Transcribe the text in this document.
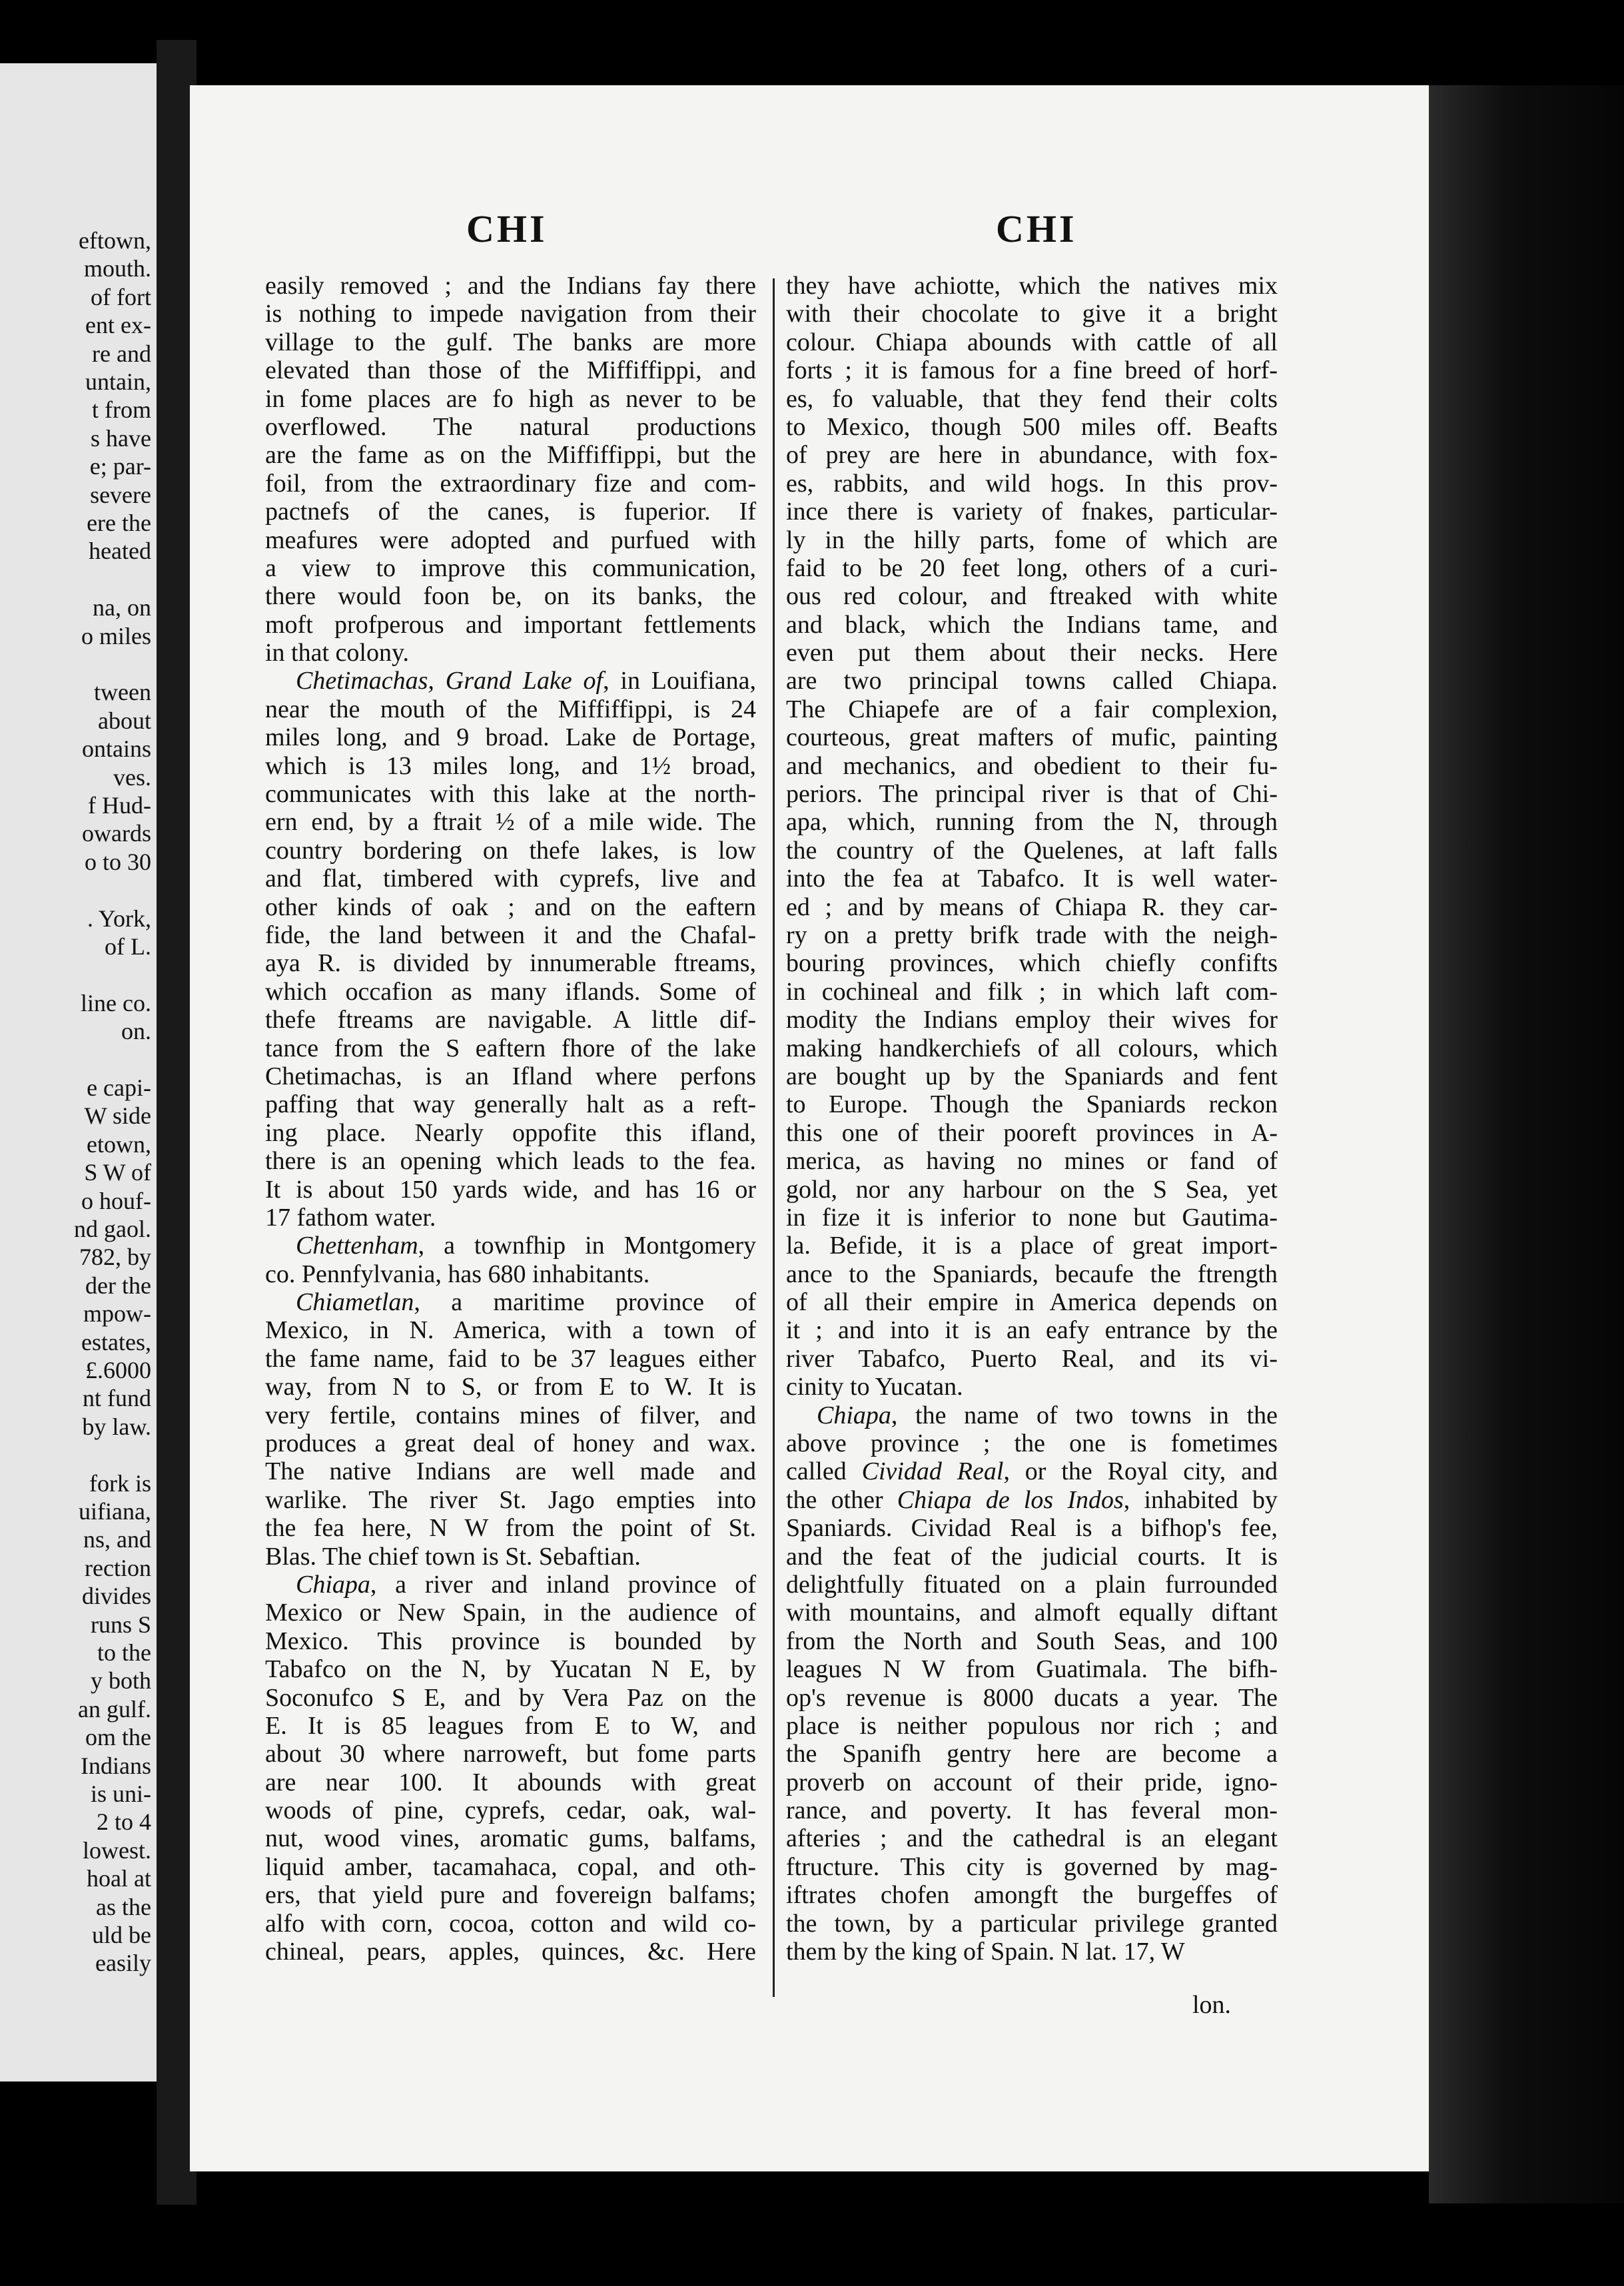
eftown,
mouth.
of fort
ent ex-
re and
untain,
t from
s have
e; par-
severe
ere the
heated
na, on
o miles
tween
about
ontains
ves.
f Hud-
owards
o to 30
. York,
of L.
line co.
on.
e capi-
W side
etown,
S W of
o houf-
nd gaol.
782, by
der the
mpow-
estates,
£.6000
nt fund
by law.
fork is
uifiana,
ns, and
rection
divides
runs S
to the
y both
an gulf.
om the
Indians
is uni-
2 to 4
lowest.
hoal at
as the
uld be
easily
CHI	CHI
easily removed ; and the Indians fay there
is nothing to impede navigation from their
village to the gulf. The banks are more
elevated than those of the Miffiffippi, and
in fome places are fo high as never to be
overflowed. The natural productions
are the fame as on the Miffiffippi, but the
foil, from the extraordinary fize and com-
pactnefs of the canes, is fuperior. If
meafures were adopted and purfued with
a view to improve this communication,
there would foon be, on its banks, the
moft profperous and important fettlements
in that colony.
Chetimachas, Grand Lake of, in Louifiana,
near the mouth of the Miffiffippi, is 24
miles long, and 9 broad. Lake de Portage,
which is 13 miles long, and 1½ broad,
communicates with this lake at the north-
ern end, by a ftrait ½ of a mile wide. The
country bordering on thefe lakes, is low
and flat, timbered with cyprefs, live and
other kinds of oak ; and on the eaftern
fide, the land between it and the Chafal-
aya R. is divided by innumerable ftreams,
which occafion as many iflands. Some of
thefe ftreams are navigable. A little dif-
tance from the S eaftern fhore of the lake
Chetimachas, is an Ifland where perfons
paffing that way generally halt as a reft-
ing place. Nearly oppofite this ifland,
there is an opening which leads to the fea.
It is about 150 yards wide, and has 16 or
17 fathom water.
Chettenham, a townfhip in Montgomery
co. Pennfylvania, has 680 inhabitants.
Chiametlan, a maritime province of
Mexico, in N. America, with a town of
the fame name, faid to be 37 leagues either
way, from N to S, or from E to W. It is
very fertile, contains mines of filver, and
produces a great deal of honey and wax.
The native Indians are well made and
warlike. The river St. Jago empties into
the fea here, N W from the point of St.
Blas. The chief town is St. Sebaftian.
Chiapa, a river and inland province of
Mexico or New Spain, in the audience of
Mexico. This province is bounded by
Tabafco on the N, by Yucatan N E, by
Soconufco S E, and by Vera Paz on the
E. It is 85 leagues from E to W, and
about 30 where narroweft, but fome parts
are near 100. It abounds with great
woods of pine, cyprefs, cedar, oak, wal-
nut, wood vines, aromatic gums, balfams,
liquid amber, tacamahaca, copal, and oth-
ers, that yield pure and fovereign balfams;
alfo with corn, cocoa, cotton and wild co-
chineal, pears, apples, quinces, &c. Here
they have achiotte, which the natives mix
with their chocolate to give it a bright
colour. Chiapa abounds with cattle of all
forts ; it is famous for a fine breed of horf-
es, fo valuable, that they fend their colts
to Mexico, though 500 miles off. Beafts
of prey are here in abundance, with fox-
es, rabbits, and wild hogs. In this prov-
ince there is variety of fnakes, particular-
ly in the hilly parts, fome of which are
faid to be 20 feet long, others of a curi-
ous red colour, and ftreaked with white
and black, which the Indians tame, and
even put them about their necks. Here
are two principal towns called Chiapa.
The Chiapefe are of a fair complexion,
courteous, great mafters of mufic, painting
and mechanics, and obedient to their fu-
periors. The principal river is that of Chi-
apa, which, running from the N, through
the country of the Quelenes, at laft falls
into the fea at Tabafco. It is well water-
ed ; and by means of Chiapa R. they car-
ry on a pretty brifk trade with the neigh-
bouring provinces, which chiefly confifts
in cochineal and filk ; in which laft com-
modity the Indians employ their wives for
making handkerchiefs of all colours, which
are bought up by the Spaniards and fent
to Europe. Though the Spaniards reckon
this one of their pooreft provinces in A-
merica, as having no mines or fand of
gold, nor any harbour on the S Sea, yet
in fize it is inferior to none but Gautima-
la. Befide, it is a place of great import-
ance to the Spaniards, becaufe the ftrength
of all their empire in America depends on
it ; and into it is an eafy entrance by the
river Tabafco, Puerto Real, and its vi-
cinity to Yucatan.
Chiapa, the name of two towns in the
above province ; the one is fometimes
called Cividad Real, or the Royal city, and
the other Chiapa de los Indos, inhabited by
Spaniards. Cividad Real is a bifhop's fee,
and the feat of the judicial courts. It is
delightfully fituated on a plain furrounded
with mountains, and almoft equally diftant
from the North and South Seas, and 100
leagues N W from Guatimala. The bifh-
op's revenue is 8000 ducats a year. The
place is neither populous nor rich ; and
the Spanifh gentry here are become a
proverb on account of their pride, igno-
rance, and poverty. It has feveral mon-
afteries ; and the cathedral is an elegant
ftructure. This city is governed by mag-
iftrates chofen amongft the burgeffes of
the town, by a particular privilege granted
them by the king of Spain. N lat. 17, W
lon.
